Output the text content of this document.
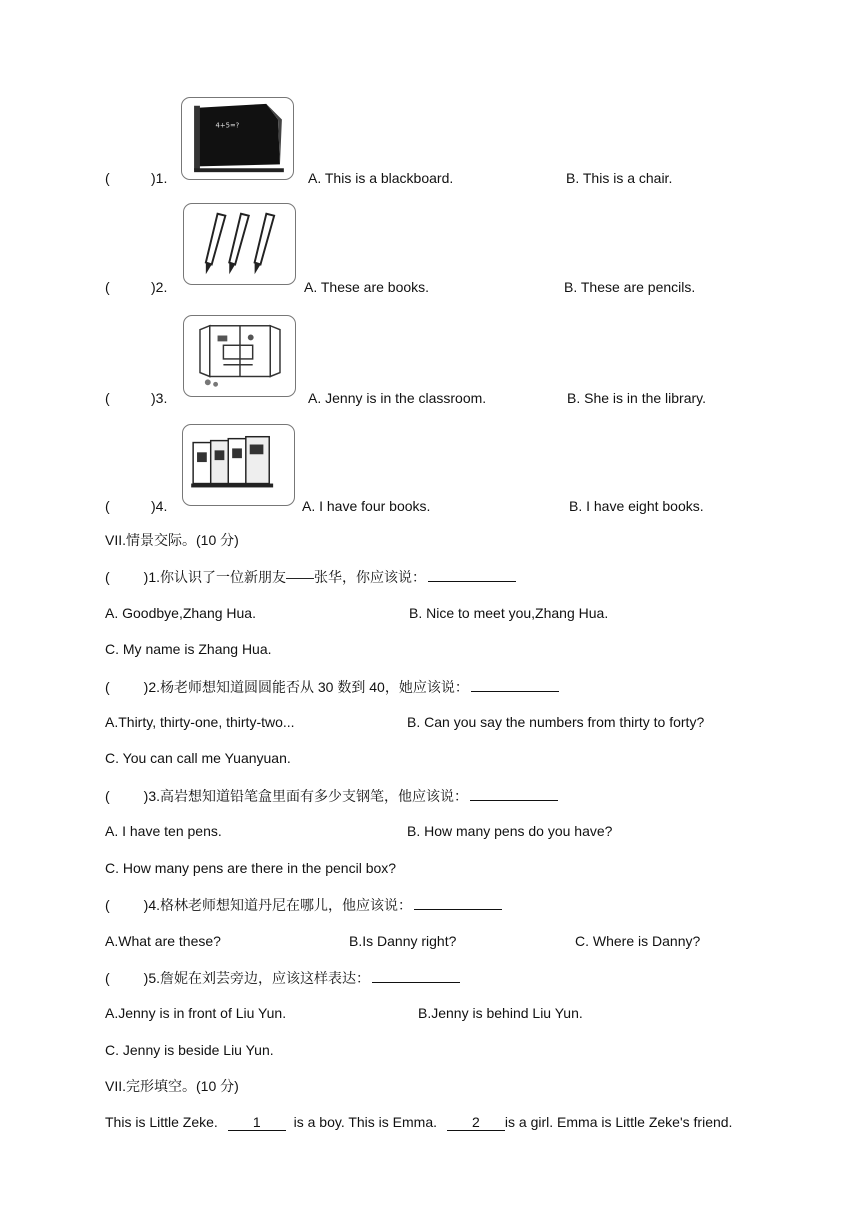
4+5=?
(	)1.	A. This is a blackboard.	B. This is a chair.
(	)2.	A. These are books.	B. These are pencils.
(	)3.	A. Jenny is in the classroom.	B. She is in the library.
(	)4.	A. I have four books.	B. I have eight books.
VII.情景交际。(10 分)
( )1.你认识了一位新朋友——张华，你应该说：
A. Goodbye,Zhang Hua.	B. Nice to meet you,Zhang Hua.
C. My name is Zhang Hua.
( )2.杨老师想知道圆圆能否从 30 数到 40，她应该说：
A.Thirty, thirty-one, thirty-two...	B. Can you say the numbers from thirty to forty?
C. You can call me Yuanyuan.
( )3.高岩想知道铅笔盒里面有多少支钢笔，他应该说：
A. I have ten pens.	B. How many pens do you have?
C. How many pens are there in the pencil box?
( )4.格林老师想知道丹尼在哪儿，他应该说：
A.What are these?	B.Is Danny right?	C. Where is Danny?
( )5.詹妮在刘芸旁边，应该这样表达：
A.Jenny is in front of Liu Yun.	B.Jenny is behind Liu Yun.
C. Jenny is beside Liu Yun.
VII.完形填空。(10 分)
This is Little Zeke. 1 is a boy. This is Emma. 2 is a girl. Emma is Little Zeke's friend.
